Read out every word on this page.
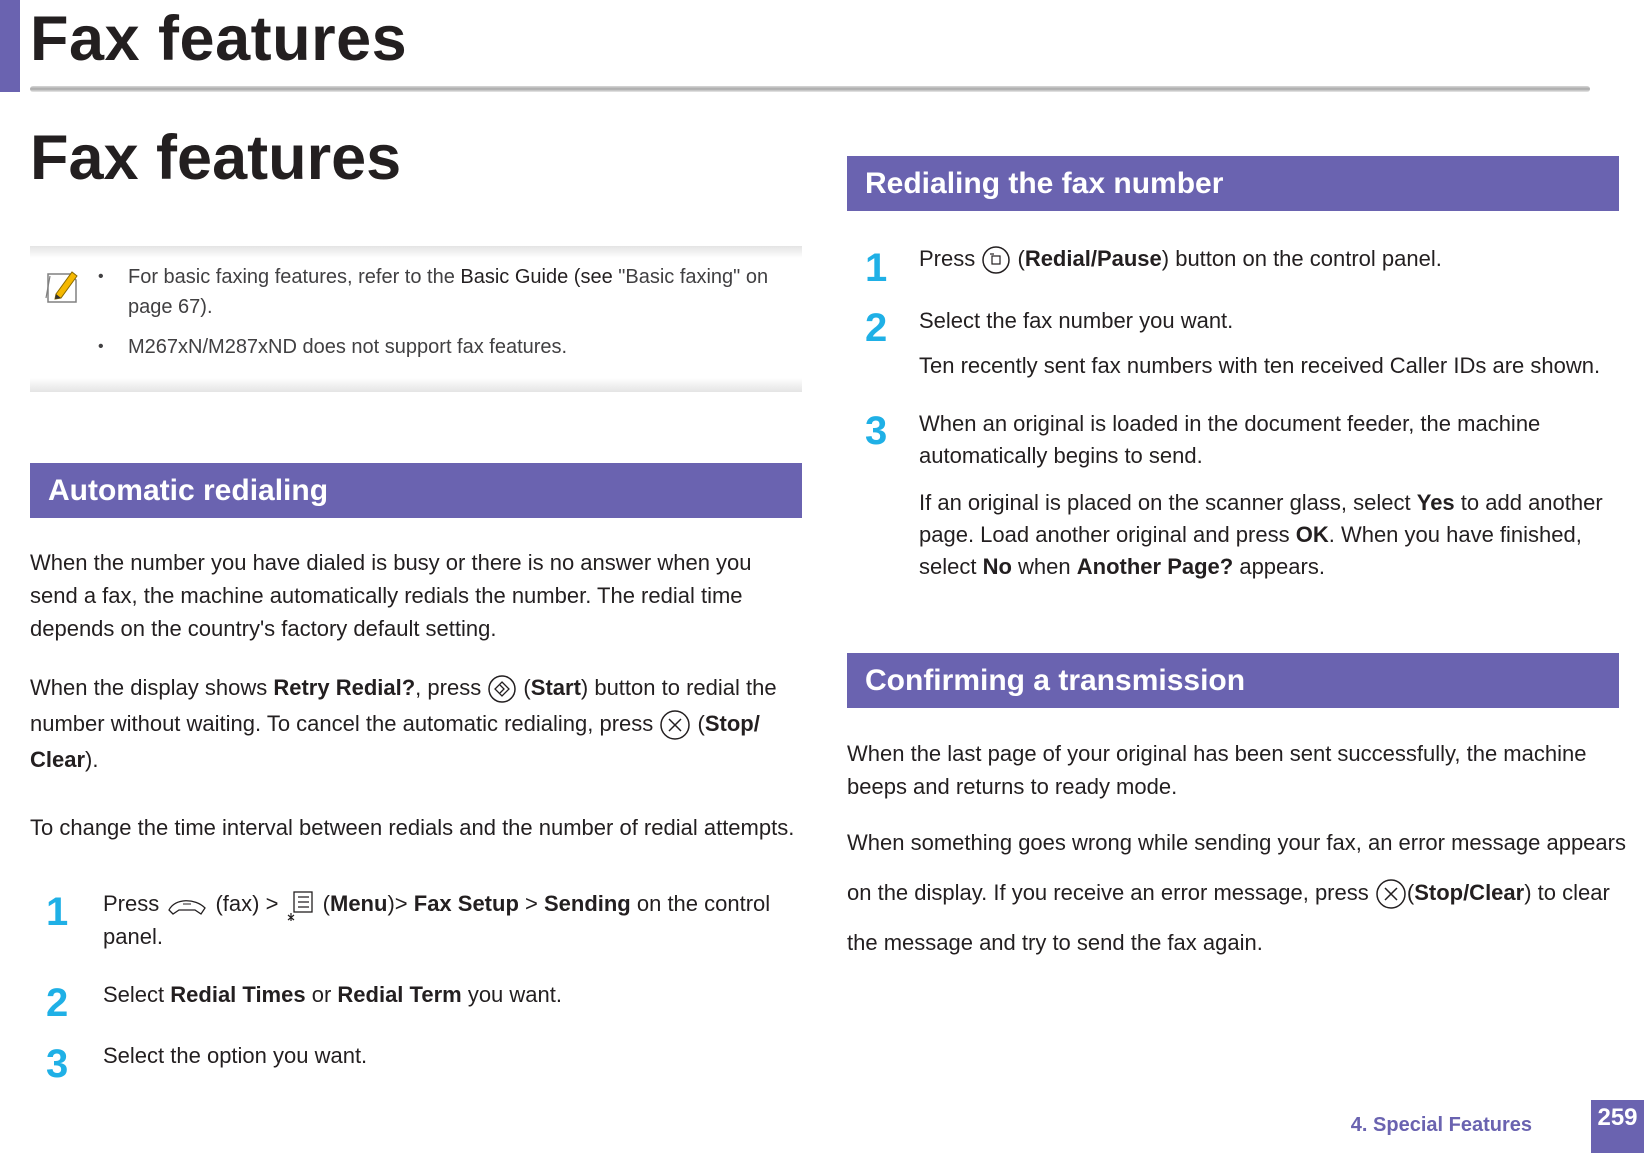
Fax features
Fax features
• For basic faxing features, refer to the Basic Guide (see "Basic faxing" on page 67).
• M267xN/M287xND does not support fax features.
Automatic redialing
When the number you have dialed is busy or there is no answer when you send a fax, the machine automatically redials the number. The redial time depends on the country's factory default setting.
When the display shows Retry Redial?, press  (Start) button to redial the number without waiting. To cancel the automatic redialing, press  (Stop/ Clear).
To change the time interval between redials and the number of redial attempts.
1 Press  (fax) >  (Menu)> Fax Setup > Sending on the control panel.
2 Select Redial Times or Redial Term you want.
3 Select the option you want.
Redialing the fax number
1 Press  (Redial/Pause) button on the control panel.
2 Select the fax number you want.
Ten recently sent fax numbers with ten received Caller IDs are shown.
3 When an original is loaded in the document feeder, the machine automatically begins to send.
If an original is placed on the scanner glass, select Yes to add another page. Load another original and press OK. When you have finished, select No when Another Page? appears.
Confirming a transmission
When the last page of your original has been sent successfully, the machine beeps and returns to ready mode.
When something goes wrong while sending your fax, an error message appears on the display. If you receive an error message, press (Stop/Clear) to clear the message and try to send the fax again.
4. Special Features	259
